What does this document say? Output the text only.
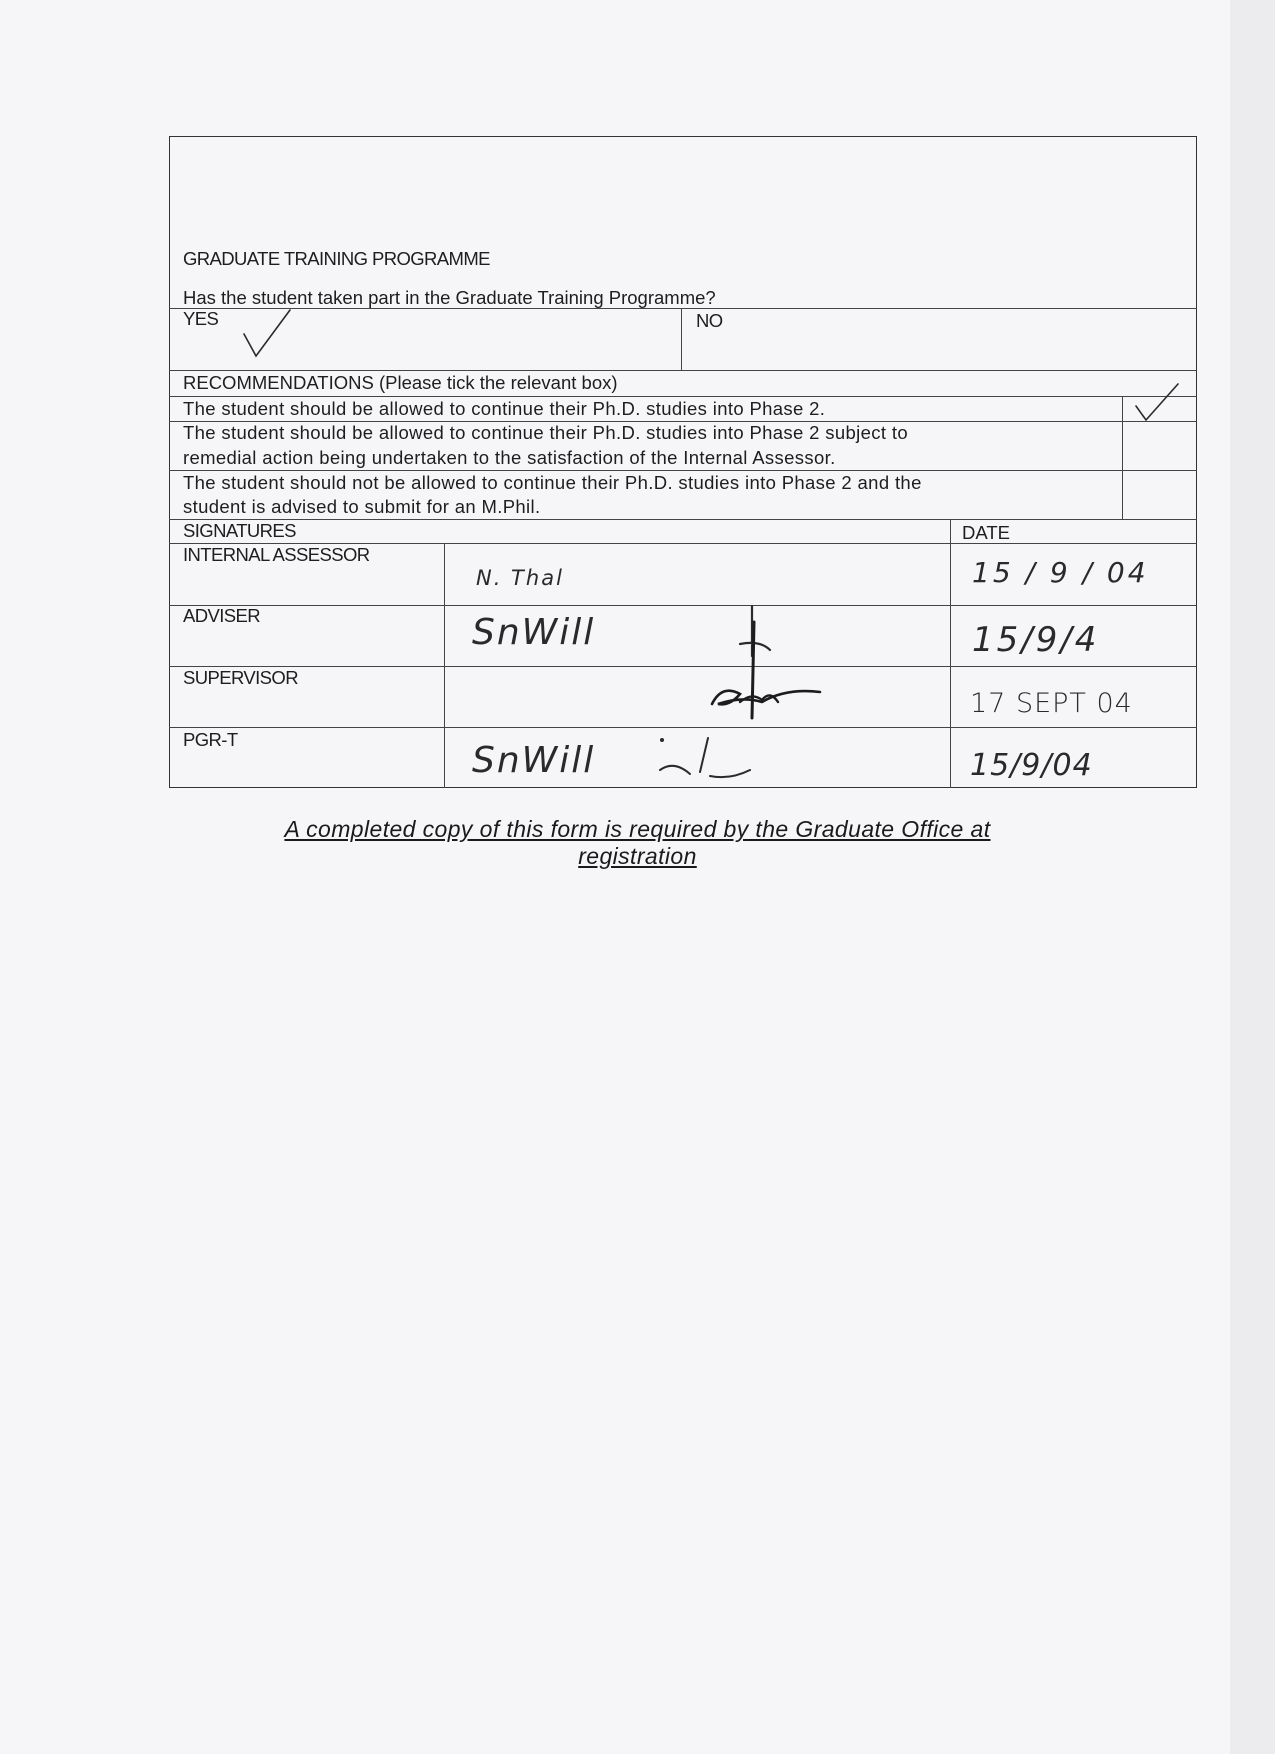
GRADUATE TRAINING PROGRAMME
Has the student taken part in the Graduate Training Programme?
YES	NO
RECOMMENDATIONS (Please tick the relevant box)
The student should be allowed to continue their Ph.D. studies into Phase 2.
The student should be allowed to continue their Ph.D. studies into Phase 2 subject to
remedial action being undertaken to the satisfaction of the Internal Assessor.
The student should not be allowed to continue their Ph.D. studies into Phase 2 and the
student is advised to submit for an M.Phil.
SIGNATURES	DATE
INTERNAL ASSESSOR
ADVISER
SUPERVISOR
PGR-T
N. Thal
SnWill
SnWill
15 / 9 / 04
15/9/4
17 SEPT 04
15/9/04
A completed copy of this form is required by the Graduate Office at
registration
